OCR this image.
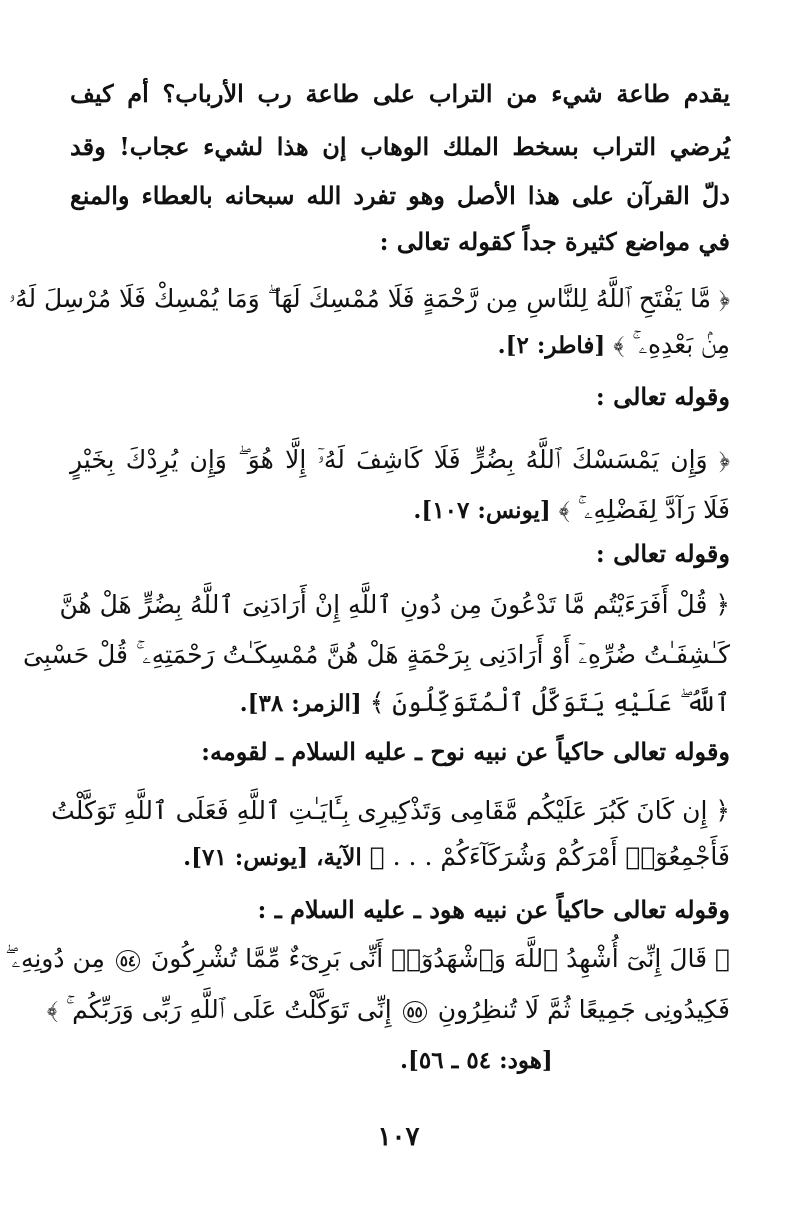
يقدم طاعة شيء من التراب على طاعة رب الأرباب؟ أم كيف
يُرضي التراب بسخط الملك الوهاب إن هذا لشيء عجاب! وقد
دلّ القرآن على هذا الأصل وهو تفرد الله سبحانه بالعطاء والمنع
في مواضع كثيرة جداً كقوله تعالى :
﴿ مَّا يَفْتَحِ ٱللَّهُ لِلنَّاسِ مِن رَّحْمَةٍ فَلَا مُمْسِكَ لَهَا ۖ وَمَا يُمْسِكْ فَلَا مُرْسِلَ لَهُۥ
مِنۢ بَعْدِهِۦ ۚ ﴾ [فاطر: ٢].
وقوله تعالى :
﴿ وَإِن يَمْسَسْكَ ٱللَّهُ بِضُرٍّ فَلَا كَاشِفَ لَهُۥٓ إِلَّا هُوَ ۖ وَإِن يُرِدْكَ بِخَيْرٍ
فَلَا رَآدَّ لِفَضْلِهِۦ ۚ ﴾ [يونس: ١٠٧].
وقوله تعالى :
﴿ قُلْ أَفَرَءَيْتُم مَّا تَدْعُونَ مِن دُونِ ٱللَّهِ إِنْ أَرَادَنِىَ ٱللَّهُ بِضُرٍّ هَلْ هُنَّ
كَـٰشِفَـٰتُ ضُرِّهِۦٓ أَوْ أَرَادَنِى بِرَحْمَةٍ هَلْ هُنَّ مُمْسِكَـٰتُ رَحْمَتِهِۦ ۚ قُلْ حَسْبِىَ
ٱللَّهُ ۖ عَلَيْهِ يَتَوَكَّلُ ٱلْمُتَوَكِّلُونَ ﴾ [الزمر: ٣٨].
وقوله تعالى حاكياً عن نبيه نوح ـ عليه السلام ـ لقومه:
﴿ إِن كَانَ كَبُرَ عَلَيْكُم مَّقَامِى وَتَذْكِيرِى بِـَٔايَـٰتِ ٱللَّهِ فَعَلَى ٱللَّهِ تَوَكَّلْتُ
فَأَجْمِعُوٓا۟ أَمْرَكُمْ وَشُرَكَآءَكُمْ . . . ﴾ الآية، [يونس: ٧١].
وقوله تعالى حاكياً عن نبيه هود ـ عليه السلام ـ :
﴿ قَالَ إِنِّىٓ أُشْهِدُ ٱللَّهَ وَٱشْهَدُوٓا۟ أَنِّى بَرِىٓءٌ مِّمَّا تُشْرِكُونَ ٥٤ مِن دُونِهِۦ ۖ
فَكِيدُونِى جَمِيعًا ثُمَّ لَا تُنظِرُونِ ٥٥ إِنِّى تَوَكَّلْتُ عَلَى ٱللَّهِ رَبِّى وَرَبِّكُم ۚ ﴾
[هود: ٥٤ ـ ٥٦].
١٠٧
